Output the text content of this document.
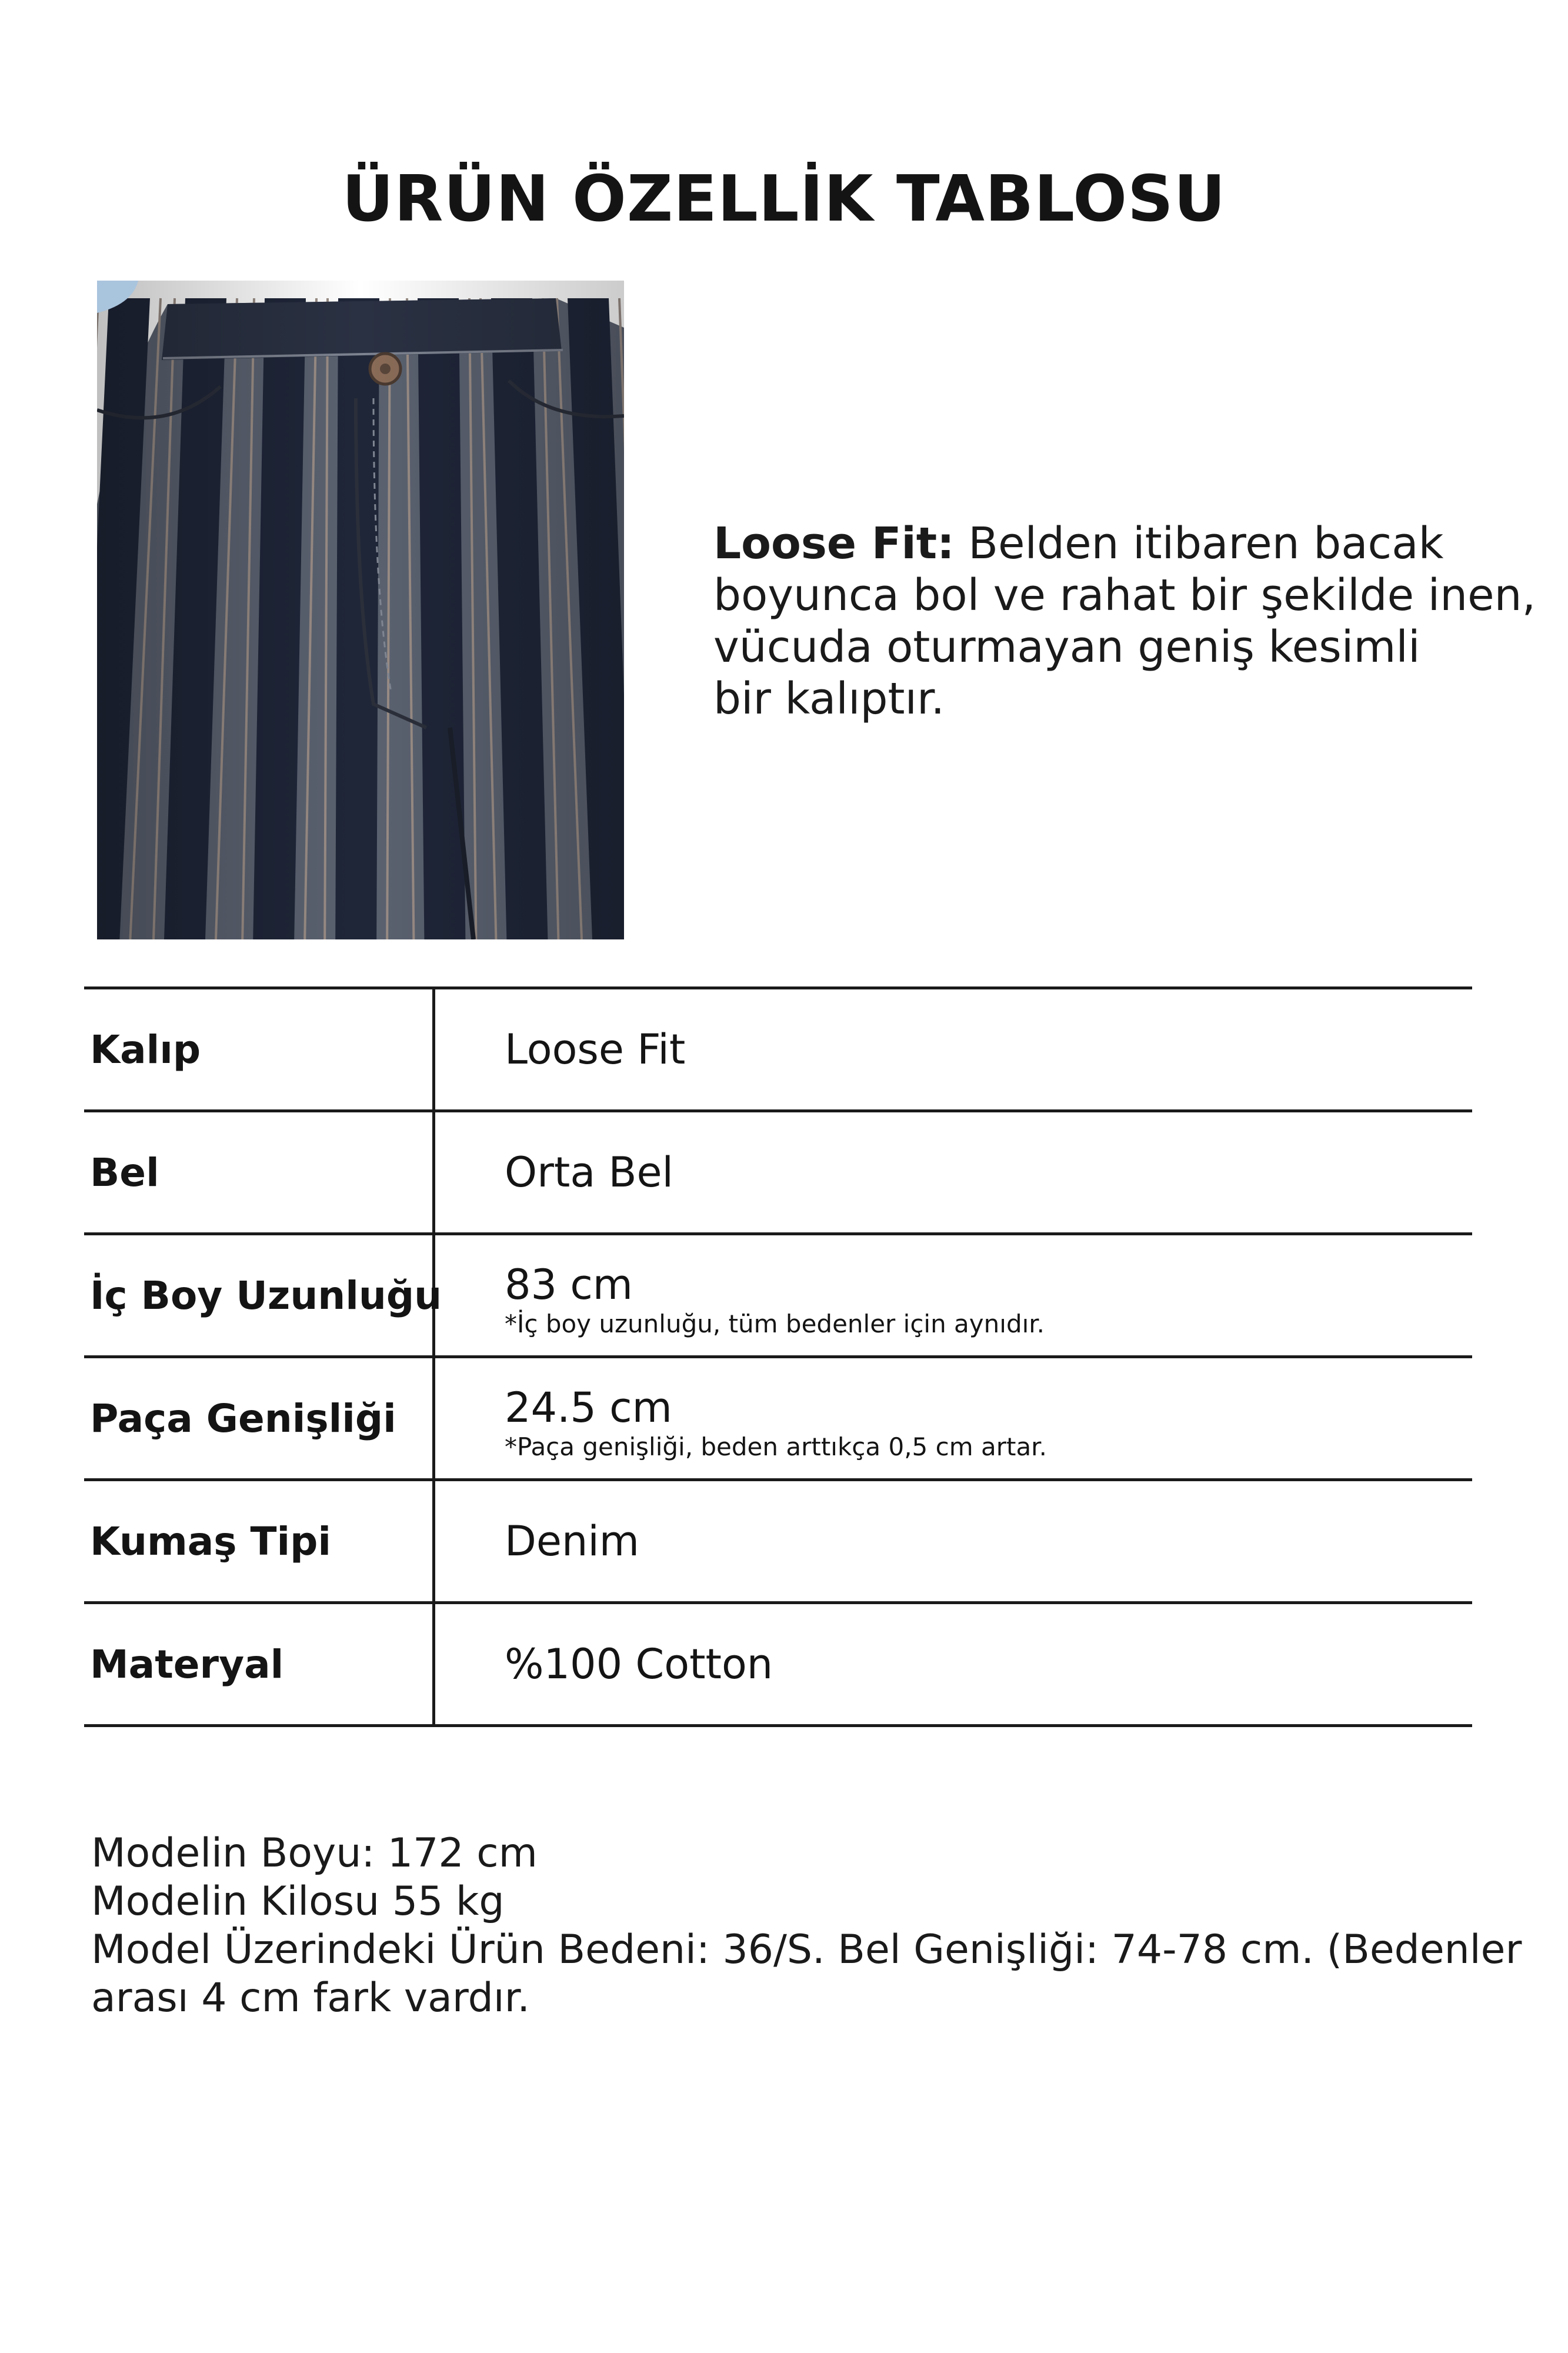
ÜRÜN ÖZELLİK TABLOSU
Loose Fit: Belden itibaren bacak
boyunca bol ve rahat bir şekilde inen,
vücuda oturmayan geniş kesimli
bir kalıptır.
Kalıp	Loose Fit
Bel	Orta Bel
İç Boy Uzunluğu 83 cm
*İç boy uzunluğu, tüm bedenler için aynıdır.
Paça Genişliği	24.5 cm
*Paça genişliği, beden arttıkça 0,5 cm artar.
Kumaş Tipi	Denim
Materyal	%100 Cotton
Modelin Boyu: 172 cm
Modelin Kilosu 55 kg
Model Üzerindeki Ürün Bedeni: 36/S. Bel Genişliği: 74-78 cm. (Bedenler
arası 4 cm fark vardır.
